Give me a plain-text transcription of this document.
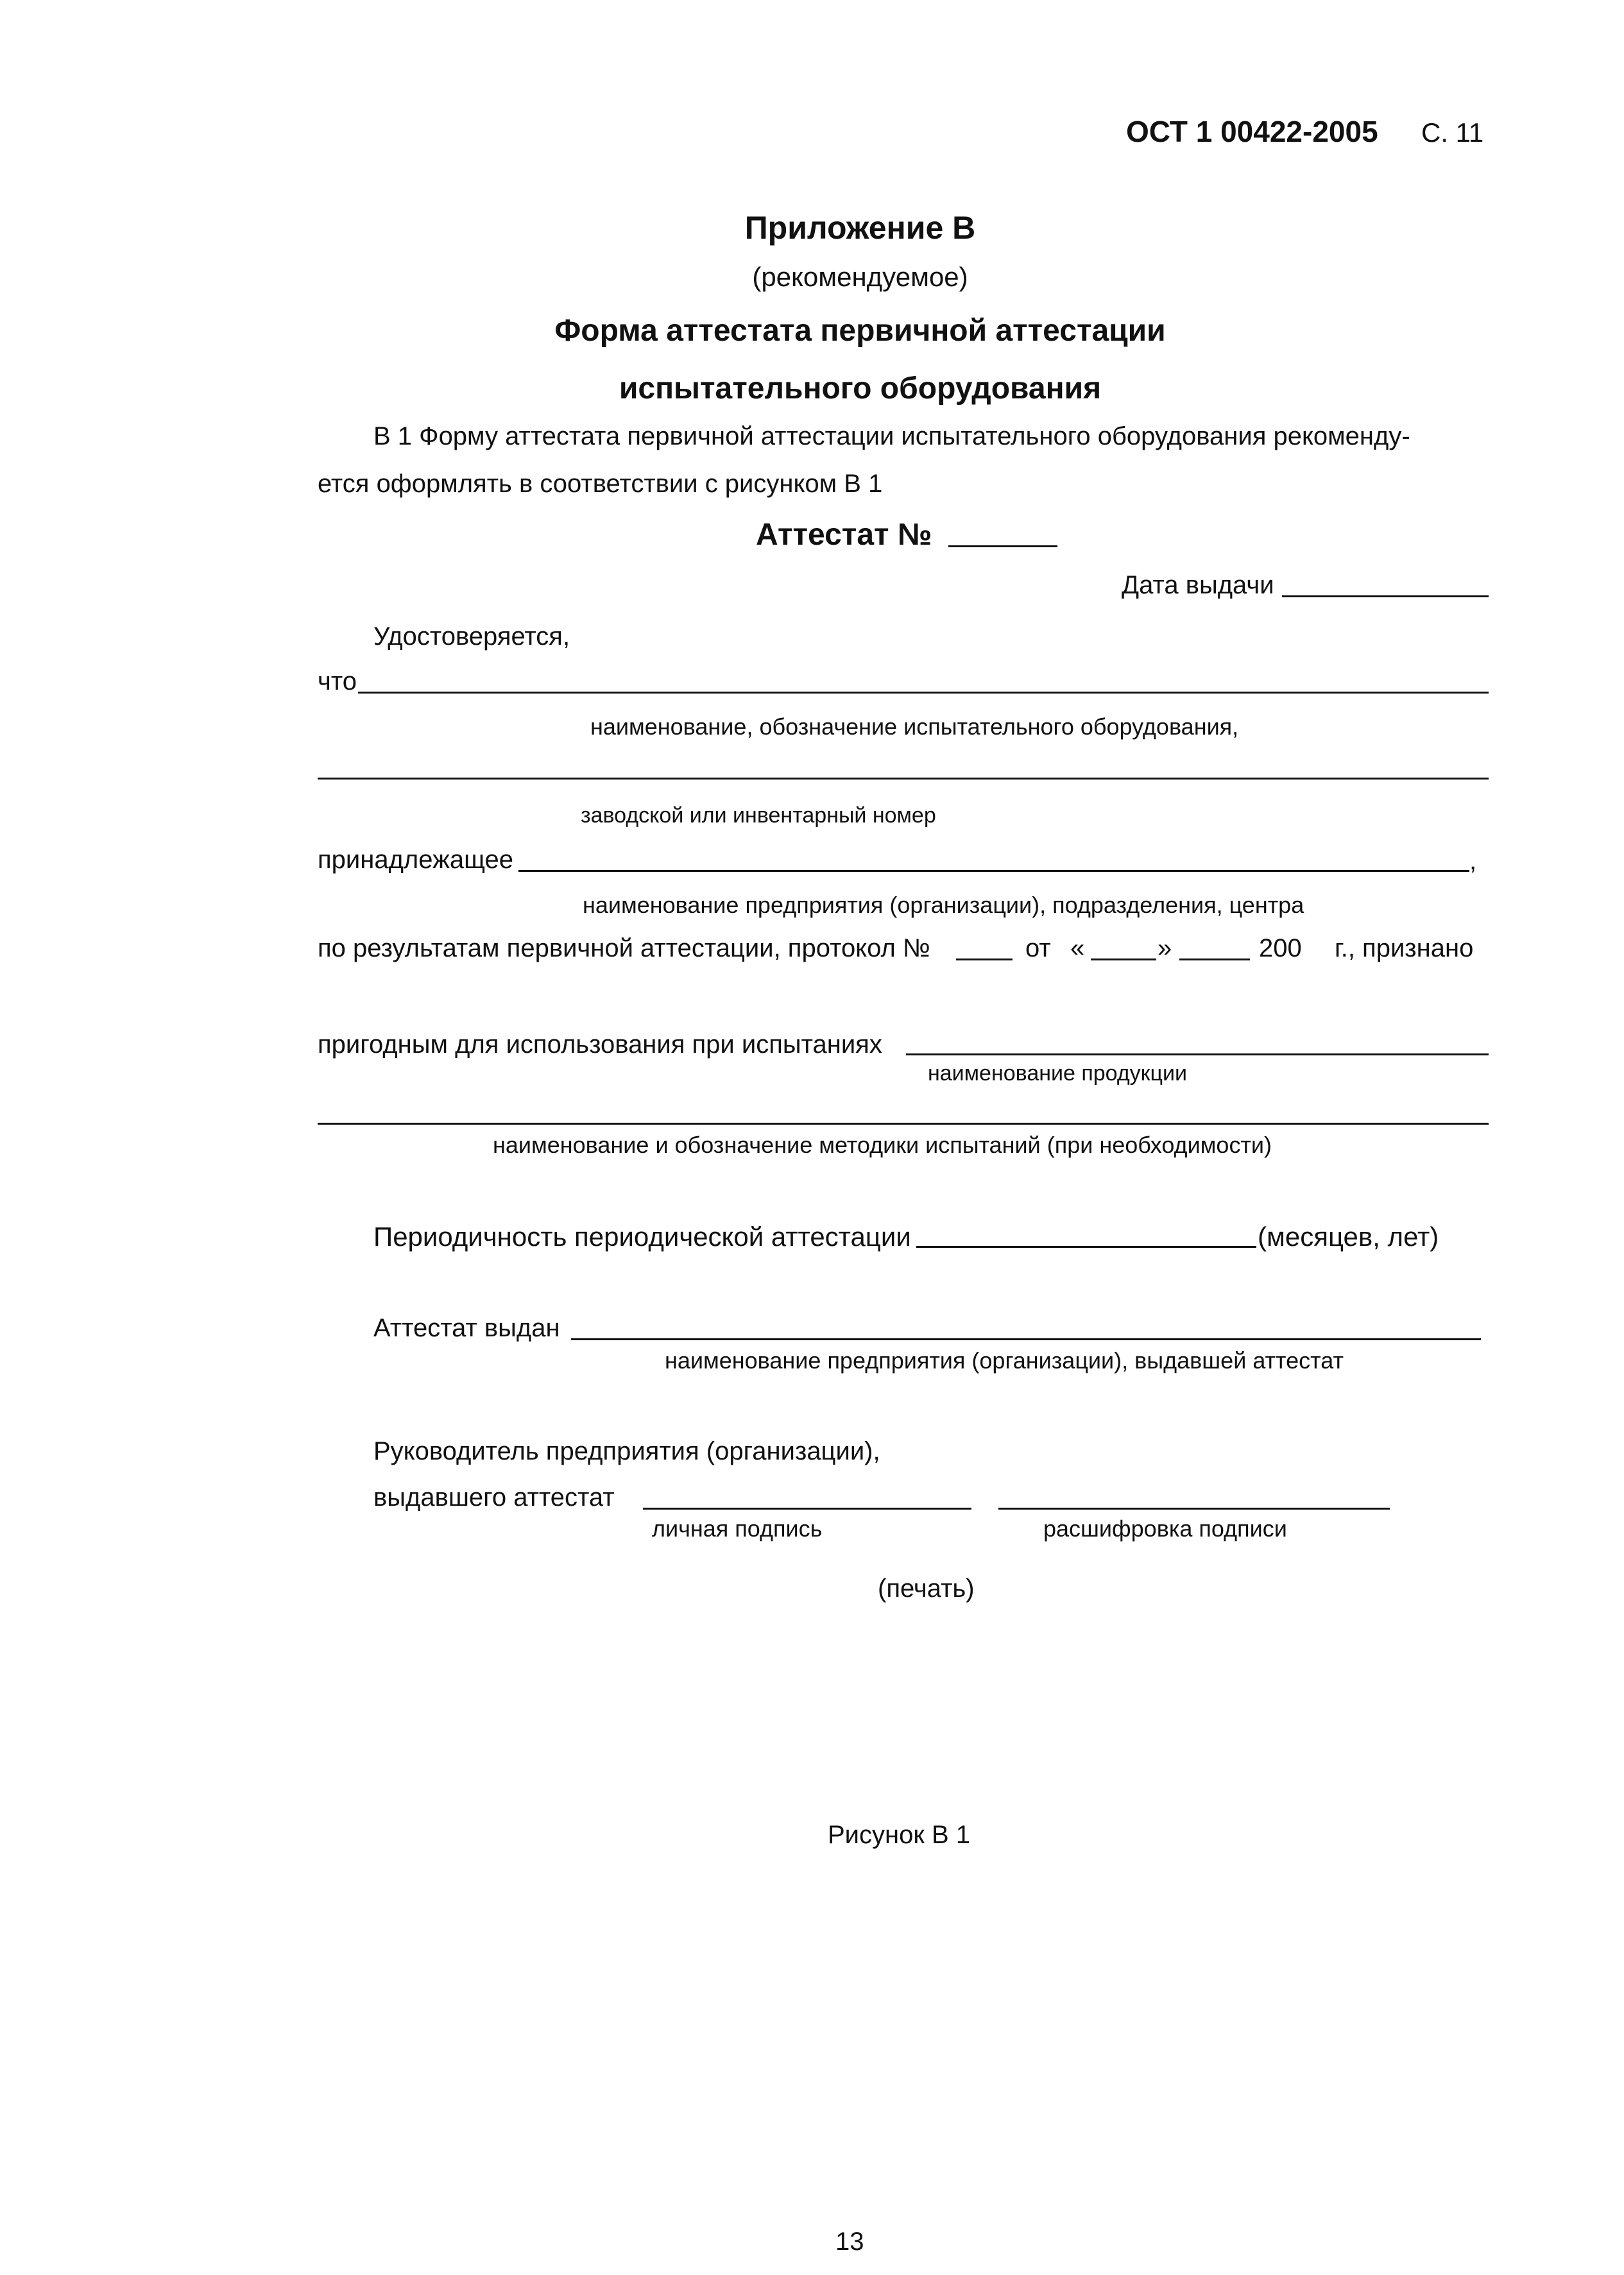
ОСТ 1 00422-2005 С. 11
Приложение В
(рекомендуемое)
Форма аттестата первичной аттестации
испытательного оборудования
В 1 Форму аттестата первичной аттестации испытательного оборудования рекоменду-
ется оформлять в соответствии с рисунком В 1
Аттестат №
Дата выдачи
Удостоверяется,
что
наименование, обозначение испытательного оборудования,
заводской или инвентарный номер
принадлежащее	,
наименование предприятия (организации), подразделения, центра
по результатам первичной аттестации, протокол №	от «	»	200 г., признано
пригодным для использования при испытаниях
наименование продукции
наименование и обозначение методики испытаний (при необходимости)
Периодичность периодической аттестации	(месяцев, лет)
Аттестат выдан
наименование предприятия (организации), выдавшей аттестат
Руководитель предприятия (организации),
выдавшего аттестат
личная подпись	расшифровка подписи
(печать)
Рисунок В 1
13
